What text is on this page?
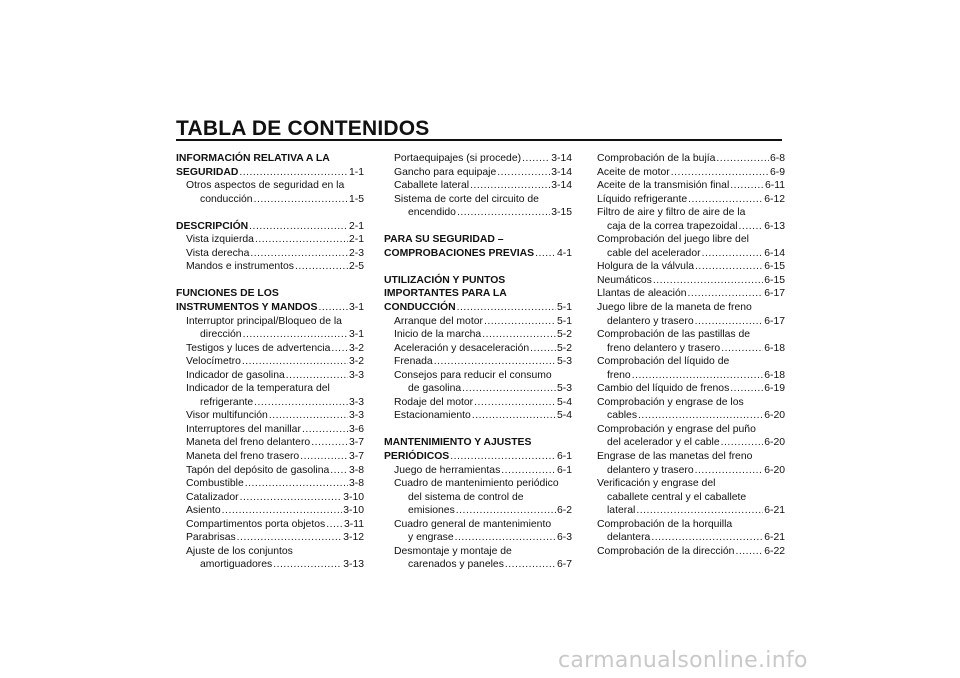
TABLA DE CONTENIDOS
INFORMACIÓN RELATIVA A LA
SEGURIDAD .....	1-1
Otros aspectos de seguridad en la
conducción .....	1-5
DESCRIPCIÓN .....	2-1
Vista izquierda .....	2-1
Vista derecha .....	2-3
Mandos e instrumentos .....	2-5
FUNCIONES DE LOS
INSTRUMENTOS Y MANDOS .....	3-1
Interruptor principal/Bloqueo de la
dirección .....	3-1
Testigos y luces de advertencia ..... 3-2
Velocímetro .....	3-2
Indicador de gasolina .....	3-3
Indicador de la temperatura del
refrigerante .....	3-3
Visor multifunción .....	3-3
Interruptores del manillar .....	3-6
Maneta del freno delantero .....	3-7
Maneta del freno trasero .....	3-7
Tapón del depósito de gasolina ..... 3-8
Combustible .....	3-8
Catalizador .....	3-10
Asiento .....	3-10
Compartimentos porta objetos ..... 3-11
Parabrisas .....	3-12
Ajuste de los conjuntos
amortiguadores .....	3-13
Portaequipajes (si procede) .....	3-14
Gancho para equipaje .....	3-14
Caballete lateral .....	3-14
Sistema de corte del circuito de
encendido .....	3-15
PARA SU SEGURIDAD –
COMPROBACIONES PREVIAS ..... 4-1
UTILIZACIÓN Y PUNTOS
IMPORTANTES PARA LA
CONDUCCIÓN .....	5-1
Arranque del motor .....	5-1
Inicio de la marcha .....	5-2
Aceleración y desaceleración .....	5-2
Frenada .....	5-3
Consejos para reducir el consumo
de gasolina .....	5-3
Rodaje del motor .....	5-4
Estacionamiento .....	5-4
MANTENIMIENTO Y AJUSTES
PERIÓDICOS .....	6-1
Juego de herramientas .....	6-1
Cuadro de mantenimiento periódico
del sistema de control de
emisiones .....	6-2
Cuadro general de mantenimiento
y engrase .....	6-3
Desmontaje y montaje de
carenados y paneles .....	6-7
Comprobación de la bujía .....	6-8
Aceite de motor .....	6-9
Aceite de la transmisión final .....	6-11
Líquido refrigerante .....	6-12
Filtro de aire y filtro de aire de la
caja de la correa trapezoidal .....	6-13
Comprobación del juego libre del
cable del acelerador .....	6-14
Holgura de la válvula .....	6-15
Neumáticos .....	6-15
Llantas de aleación .....	6-17
Juego libre de la maneta de freno
delantero y trasero .....	6-17
Comprobación de las pastillas de
freno delantero y trasero .....	6-18
Comprobación del líquido de
freno .....	6-18
Cambio del líquido de frenos .....	6-19
Comprobación y engrase de los
cables .....	6-20
Comprobación y engrase del puño
del acelerador y el cable .....	6-20
Engrase de las manetas del freno
delantero y trasero .....	6-20
Verificación y engrase del
caballete central y el caballete
lateral .....	6-21
Comprobación de la horquilla
delantera .....	6-21
Comprobación de la dirección .....	6-22
carmanualsonline.info
